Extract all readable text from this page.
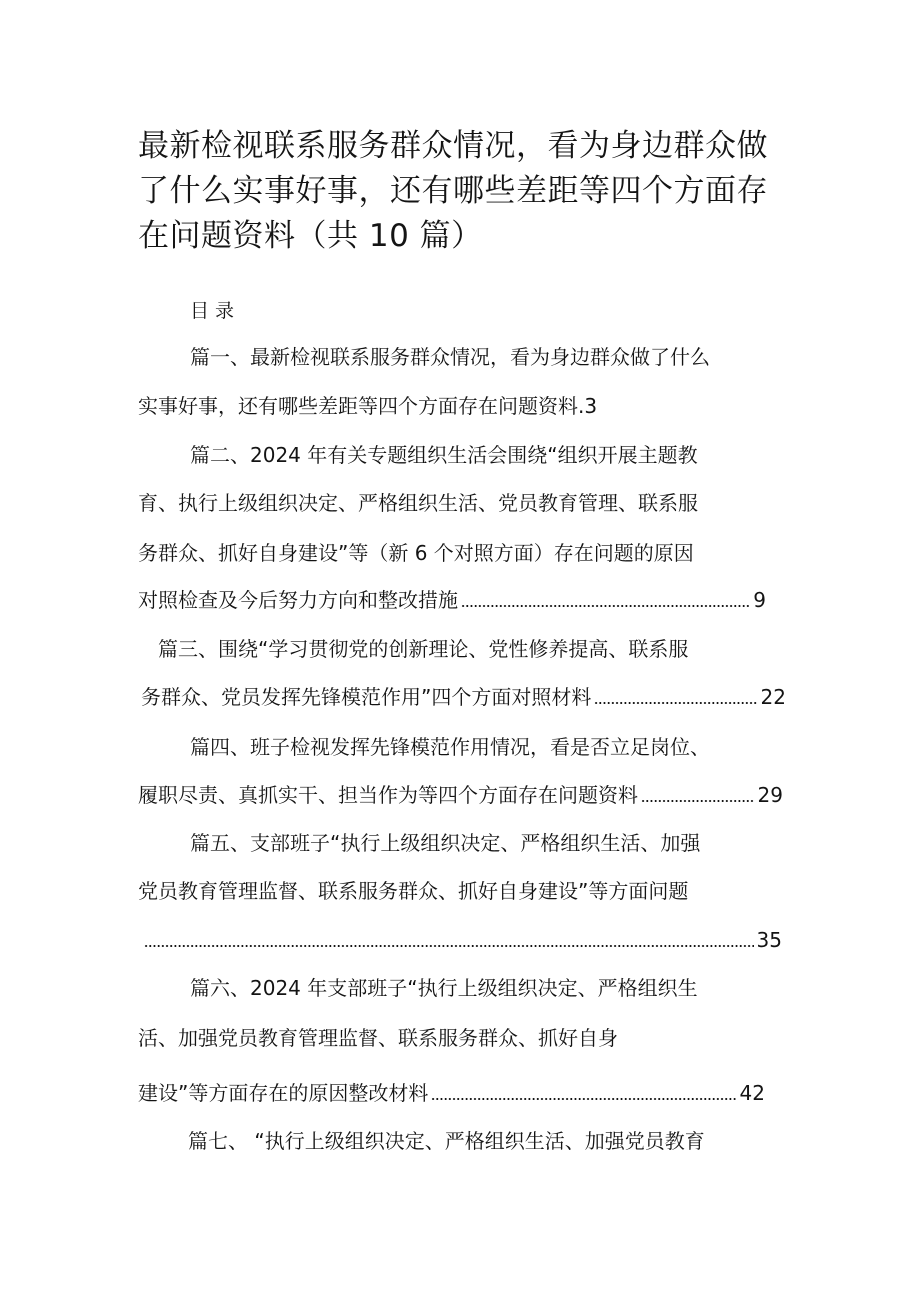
最新检视联系服务群众情况，看为身边群众做
了什么实事好事，还有哪些差距等四个方面存
在问题资料（共 10 篇）
目录
篇一、最新检视联系服务群众情况，看为身边群众做了什么
实事好事，还有哪些差距等四个方面存在问题资料.3
篇二、2024 年有关专题组织生活会围绕“组织开展主题教
育、执行上级组织决定、严格组织生活、党员教育管理、联系服
务群众、抓好自身建设”等（新 6 个对照方面）存在问题的原因
对照检查及今后努力方向和整改措施	9
篇三、围绕“学习贯彻党的创新理论、党性修养提高、联系服
务群众、党员发挥先锋模范作用”四个方面对照材料	22
篇四、班子检视发挥先锋模范作用情况，看是否立足岗位、
履职尽责、真抓实干、担当作为等四个方面存在问题资料	29
篇五、支部班子“执行上级组织决定、严格组织生活、加强
党员教育管理监督、联系服务群众、抓好自身建设”等方面问题
35
篇六、2024 年支部班子“执行上级组织决定、严格组织生
活、加强党员教育管理监督、联系服务群众、抓好自身
建设”等方面存在的原因整改材料	42
篇七、 “执行上级组织决定、严格组织生活、加强党员教育
